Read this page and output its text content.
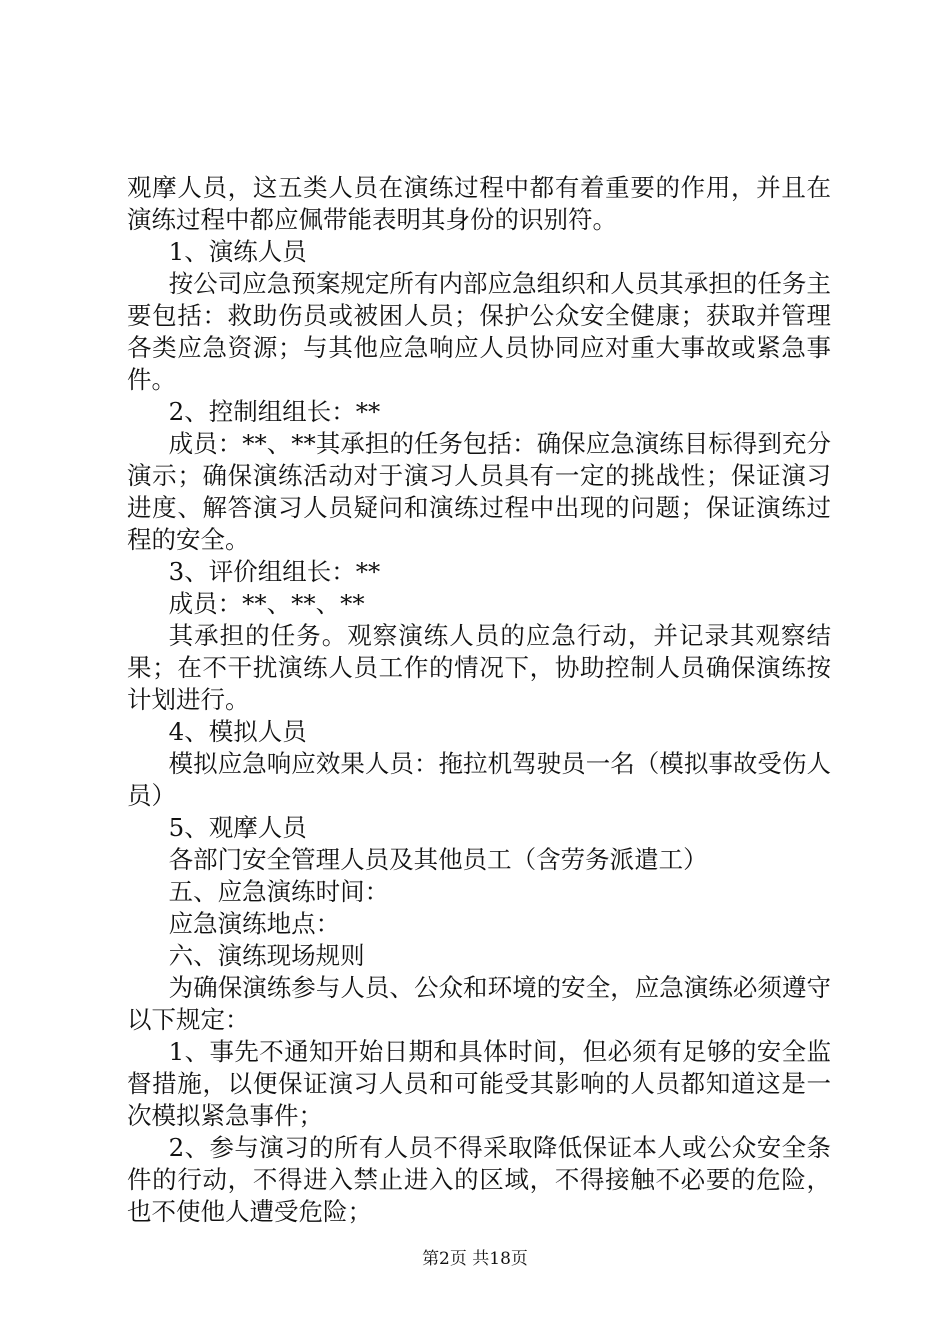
观摩人员，这五类人员在演练过程中都有着重要的作用，并且在演练过程中都应佩带能表明其身份的识别符。

1、演练人员

按公司应急预案规定所有内部应急组织和人员其承担的任务主要包括：救助伤员或被困人员；保护公众安全健康；获取并管理各类应急资源；与其他应急响应人员协同应对重大事故或紧急事件。

2、控制组组长：**

成员：**、**其承担的任务包括：确保应急演练目标得到充分演示；确保演练活动对于演习人员具有一定的挑战性；保证演习进度、解答演习人员疑问和演练过程中出现的问题；保证演练过程的安全。

3、评价组组长：**

成员：**、**、**

其承担的任务。观察演练人员的应急行动，并记录其观察结果；在不干扰演练人员工作的情况下，协助控制人员确保演练按计划进行。

4、模拟人员

模拟应急响应效果人员：拖拉机驾驶员一名（模拟事故受伤人员）

5、观摩人员

各部门安全管理人员及其他员工（含劳务派遣工）

五、应急演练时间：

应急演练地点：

六、演练现场规则

为确保演练参与人员、公众和环境的安全，应急演练必须遵守以下规定：

1、事先不通知开始日期和具体时间，但必须有足够的安全监督措施，以便保证演习人员和可能受其影响的人员都知道这是一次模拟紧急事件；

2、参与演习的所有人员不得采取降低保证本人或公众安全条件的行动，不得进入禁止进入的区域，不得接触不必要的危险，也不使他人遭受危险；

第2页 共18页
